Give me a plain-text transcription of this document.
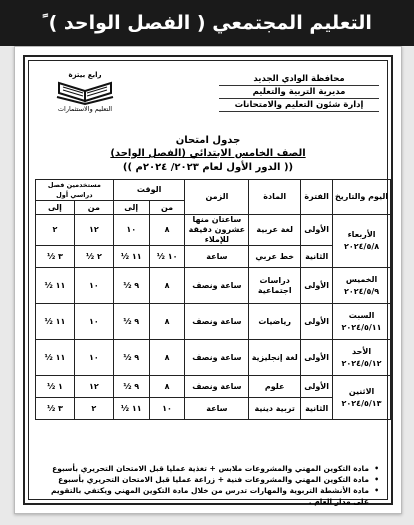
التعليم المجتمعي ( الفصل الواحد ) ً
محافظة الوادي الجديد
مديرية التربية والتعليم
إدارة شئون التعليم والامتحانات
رابع بيتزة
التعليم والاستثمارات
جدول امتحان
الصف الخامس الابتدائي (الفصل الواحد)
(( الدور الأول لعام ٢٠٢٣/ ٢٠٢٤م ))
اليوم والتاريخ	الفترة	المادة	الزمن	الوقت		مستخدمين فصل دراسي أول	
				من	إلى	من	إلى

الأربعاء
٢٠٢٤/٥/٨	الأولى	لغة عربية	ساعتان منها عشرون دقيقة للإملاء	٨	١٠	١٢	٢
	الثانية	خط عربي	ساعة	١٠ ½	١١ ½	٢ ½	٣ ½

الخميس
٢٠٢٤/٥/٩	الأولى	دراسات اجتماعية	ساعة ونصف	٨	٩ ½	١٠	١١ ½

السبت
٢٠٢٤/٥/١١	الأولى	رياضيات	ساعة ونصف	٨	٩ ½	١٠	١١ ½

الأحد
٢٠٢٤/٥/١٢	الأولى	لغة إنجليزية	ساعة ونصف	٨	٩ ½	١٠	١١ ½

الاثنين
٢٠٢٤/٥/١٣	الأولى	علوم	ساعة ونصف	٨	٩ ½	١٢	١ ½
	الثانية	تربية دينية	ساعة	١٠	١١ ½	٢	٣ ½
•
مادة التكوين المهني والمشروعات ملابس + تغذية عمليا قبل الامتحان التحريري بأسبوع
•
مادة التكوين المهني والمشروعات فنية + زراعة عمليا قبل الامتحان التحريري بأسبوع
•
مادة الأنشطة التربوية والمهارات تدرس من خلال مادة التكوين المهني ويكتفي بالتقويم على مدار العام .
